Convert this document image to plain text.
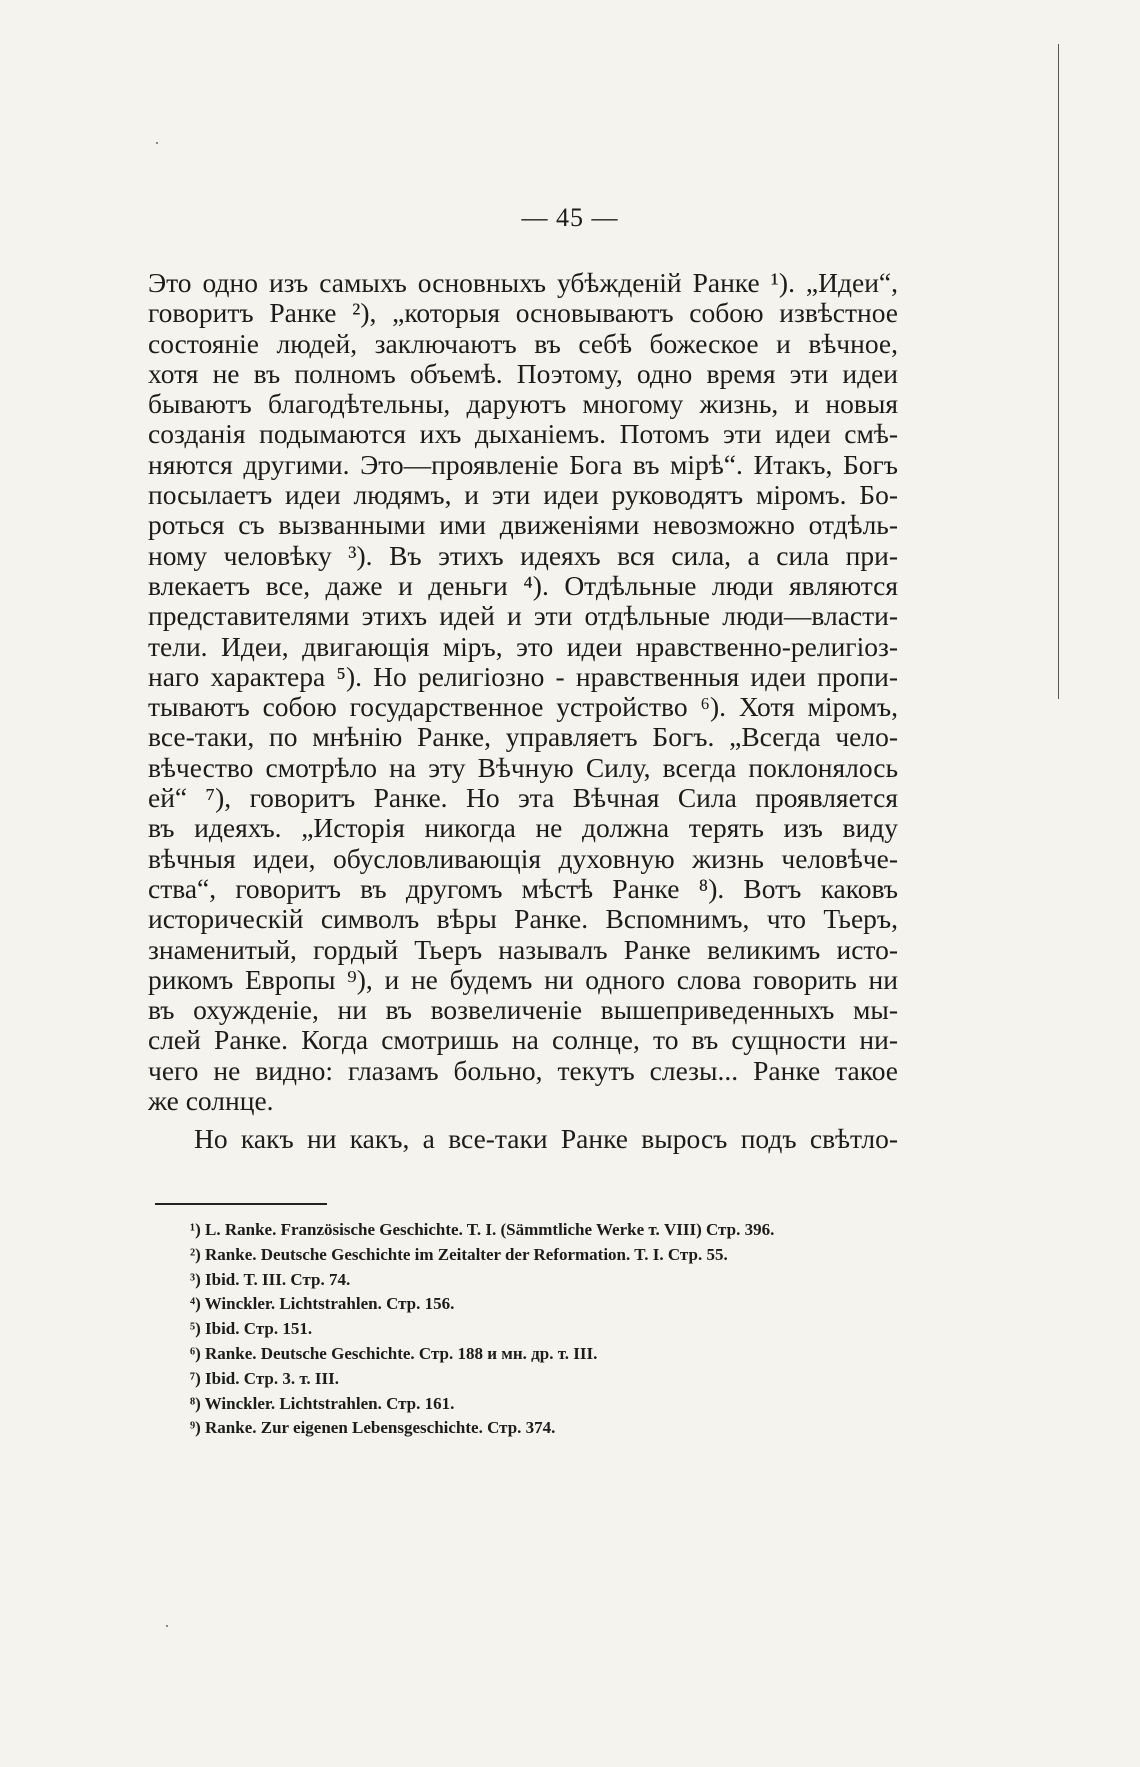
— 45 —
Это одно изъ самыхъ основныхъ убѣжденій Ранке ¹). „Идеи“,
говоритъ Ранке ²), „которыя основываютъ собою извѣстное
состояніе людей, заключаютъ въ себѣ божеское и вѣчное,
хотя не въ полномъ объемѣ. Поэтому, одно время эти идеи
бываютъ благодѣтельны, даруютъ многому жизнь, и новыя
созданія подымаются ихъ дыханіемъ. Потомъ эти идеи смѣ-
няются другими. Это—проявленіе Бога въ мірѣ“. Итакъ, Богъ
посылаетъ идеи людямъ, и эти идеи руководятъ міромъ. Бо-
роться съ вызванными ими движеніями невозможно отдѣль-
ному человѣку ³). Въ этихъ идеяхъ вся сила, а сила при-
влекаетъ все, даже и деньги ⁴). Отдѣльные люди являются
представителями этихъ идей и эти отдѣльные люди—власти-
тели. Идеи, двигающія міръ, это идеи нравственно-религіоз-
наго характера ⁵). Но религіозно - нравственныя идеи пропи-
тываютъ собою государственное устройство ⁶). Хотя міромъ,
все-таки, по мнѣнію Ранке, управляетъ Богъ. „Всегда чело-
вѣчество смотрѣло на эту Вѣчную Силу, всегда поклонялось
ей“ ⁷), говоритъ Ранке. Но эта Вѣчная Сила проявляется
въ идеяхъ. „Исторія никогда не должна терять изъ виду
вѣчныя идеи, обусловливающія духовную жизнь человѣче-
ства“, говоритъ въ другомъ мѣстѣ Ранке ⁸). Вотъ каковъ
историческій символъ вѣры Ранке. Вспомнимъ, что Тьеръ,
знаменитый, гордый Тьеръ называлъ Ранке великимъ исто-
рикомъ Европы ⁹), и не будемъ ни одного слова говорить ни
въ охужденіе, ни въ возвеличеніе вышеприведенныхъ мы-
слей Ранке. Когда смотришь на солнце, то въ сущности ни-
чего не видно: глазамъ больно, текутъ слезы... Ранке такое
же солнце.
Но какъ ни какъ, а все-таки Ранке выросъ подъ свѣтло-
¹) L. Ranke. Französische Geschichte. T. I. (Sämmtliche Werke т. VIII) Стр. 396.
²) Ranke. Deutsche Geschichte im Zeitalter der Reformation. T. I. Стр. 55.
³) Ibid. T. III. Стр. 74.
⁴) Winckler. Lichtstrahlen. Стр. 156.
⁵) Ibid. Стр. 151.
⁶) Ranke. Deutsche Geschichte. Стр. 188 и мн. др. т. III.
⁷) Ibid. Стр. 3. т. III.
⁸) Winckler. Lichtstrahlen. Стр. 161.
⁹) Ranke. Zur eigenen Lebensgeschichte. Стр. 374.
